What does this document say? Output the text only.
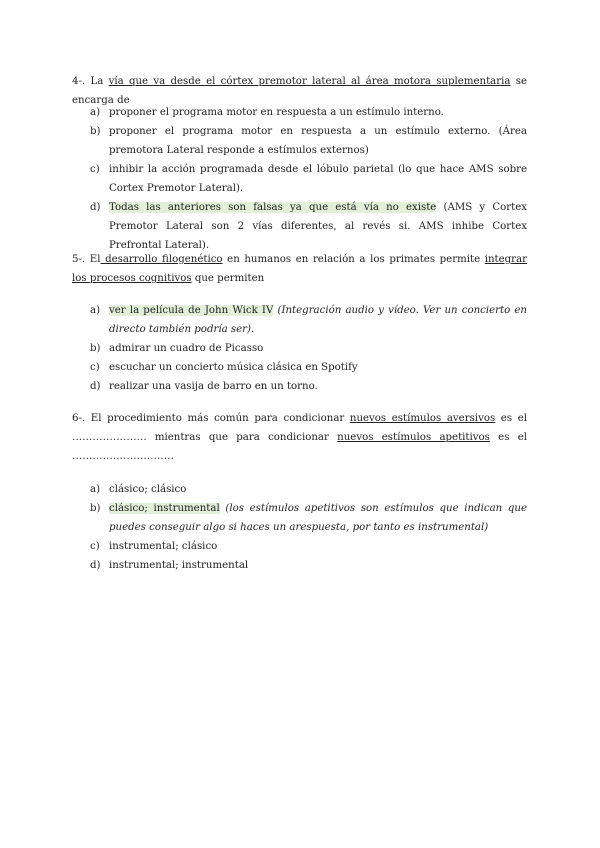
4-. La vía que va desde el córtex premotor lateral al área motora suplementaria se encarga de
a) proponer el programa motor en respuesta a un estímulo interno.
b) proponer el programa motor en respuesta a un estímulo externo. (Área premotora Lateral responde a estímulos externos)
c) inhibir la acción programada desde el lóbulo parietal (lo que hace AMS sobre Cortex Premotor Lateral).
d) Todas las anteriores son falsas ya que está vía no existe (AMS y Cortex Premotor Lateral son 2 vías diferentes, al revés si. AMS inhibe Cortex Prefrontal Lateral).
5-. El desarrollo filogenético en humanos en relación a los primates permite integrar los procesos cognitivos que permiten
a) ver la película de John Wick IV (Integración audio y vídeo. Ver un concierto en directo también podría ser).
b) admirar un cuadro de Picasso
c) escuchar un concierto música clásica en Spotify
d) realizar una vasija de barro en un torno.
6-. El procedimiento más común para condicionar nuevos estímulos aversivos es el …………………. mientras que para condicionar nuevos estímulos apetitivos es el …………………………
a) clásico; clásico
b) clásico; instrumental (los estímulos apetitivos son estímulos que indican que puedes conseguir algo si haces un arespuesta, por tanto es instrumental)
c) instrumental; clásico
d) instrumental; instrumental
